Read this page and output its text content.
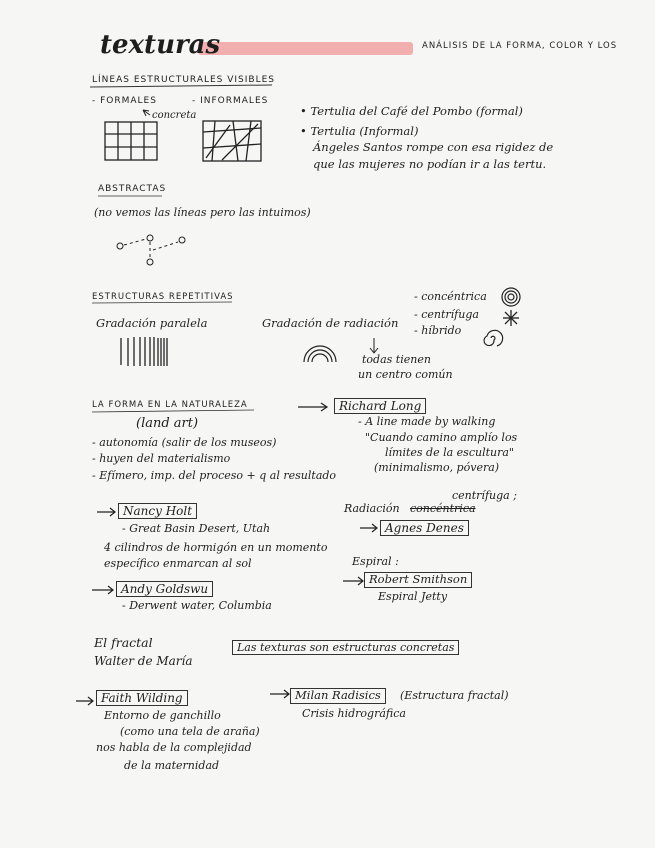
texturas	ANÁLISIS DE LA FORMA, COLOR Y LOS
LÍNEAS ESTRUCTURALES VISIBLES
- FORMALES	- INFORMALES
concreta	• Tertulia del Café del Pombo (formal)
• Tertulia (Informal)
Ángeles Santos rompe con esa rigidez de
que las mujeres no podían ir a las tertu.
ABSTRACTAS
(no vemos las líneas pero las intuimos)
ESTRUCTURAS REPETITIVAS
Gradación paralela	Gradación de radiación
- concéntrica
- centrífuga
- híbrido
todas tienen
un centro común
LA FORMA EN LA NATURALEZA
(land art)
- autonomía (salir de los museos)
- huyen del materialismo
- Efímero, imp. del proceso + q al resultado
Richard Long
- A line made by walking
"Cuando camino amplío los
límites de la escultura"
(minimalismo, póvera)
Nancy Holt
- Great Basin Desert, Utah
4 cilindros de hormigón en un momento
específico enmarcan al sol
Andy Goldswu
- Derwent water, Columbia
Radiación concéntrica
centrífuga ;
Agnes Denes
Espiral :
Robert Smithson
Espiral Jetty
El fractal
Walter de María
Las texturas son estructuras concretas
Faith Wilding
Entorno de ganchillo
(como una tela de araña)
nos habla de la complejidad
de la maternidad
Milan Radisics	(Estructura fractal)
Crisis hidrográfica
